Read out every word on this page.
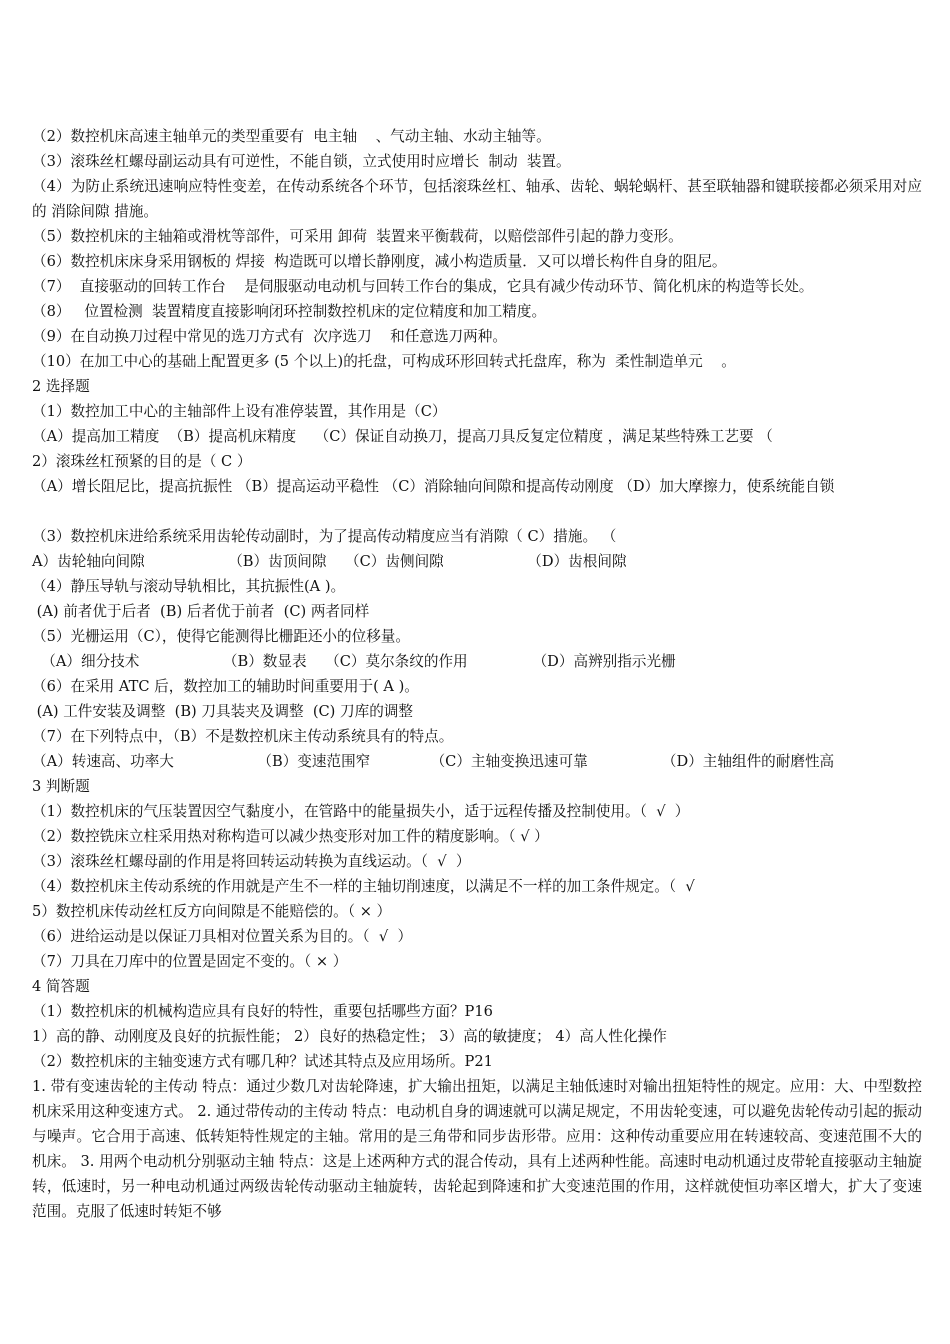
（2）数控机床高速主轴单元的类型重要有  电主轴    、气动主轴、水动主轴等。
（3）滚珠丝杠螺母副运动具有可逆性，不能自锁，立式使用时应增长  制动  装置。
（4）为防止系统迅速响应特性变差，在传动系统各个环节，包括滚珠丝杠、轴承、齿轮、蜗轮蜗杆、甚至联轴器和键联接都必须采用对应的 消除间隙 措施。
（5）数控机床的主轴箱或滑枕等部件，可采用 卸荷  装置来平衡载荷，以赔偿部件引起的静力变形。
（6）数控机床床身采用钢板的 焊接  构造既可以增长静刚度，减小构造质量．又可以增长构件自身的阻尼。
（7）  直接驱动的回转工作台    是伺服驱动电动机与回转工作台的集成，它具有减少传动环节、简化机床的构造等长处。
（8）   位置检测  装置精度直接影响闭环控制数控机床的定位精度和加工精度。
（9）在自动换刀过程中常见的选刀方式有  次序选刀    和任意选刀两种。
（10）在加工中心的基础上配置更多 (5 个以上)的托盘，可构成环形回转式托盘库，称为  柔性制造单元    。
2 选择题
（1）数控加工中心的主轴部件上设有准停装置，其作用是（C）
（A）提高加工精度  （B）提高机床精度    （C）保证自动换刀，提高刀具反复定位精度 ，满足某些特殊工艺要 （
2）滚珠丝杠预紧的目的是（ C ）
（A）增长阻尼比，提高抗振性 （B）提高运动平稳性 （C）消除轴向间隙和提高传动刚度 （D）加大摩擦力，使系统能自锁
（3）数控机床进给系统采用齿轮传动副时，为了提高传动精度应当有消隙（ C）措施。 （
A）齿轮轴向间隙                  （B）齿顶间隙    （C）齿侧间隙                  （D）齿根间隙
（4）静压导轨与滚动导轨相比，其抗振性(A )。
(A) 前者优于后者  (B) 后者优于前者  (C) 两者同样
（5）光栅运用（C），使得它能测得比栅距还小的位移量。
（A）细分技术                  （B）数显表    （C）莫尔条纹的作用              （D）高辨别指示光栅
（6）在采用 ATC 后，数控加工的辅助时间重要用于( A )。
(A) 工件安装及调整  (B) 刀具装夹及调整  (C) 刀库的调整
（7）在下列特点中，（B）不是数控机床主传动系统具有的特点。
（A）转速高、功率大                  （B）变速范围窄             （C）主轴变换迅速可靠                （D）主轴组件的耐磨性高
3 判断题
（1）数控机床的气压装置因空气黏度小，在管路中的能量损失小，适于远程传播及控制使用。（  √  ）
（2）数控铣床立柱采用热对称构造可以减少热变形对加工件的精度影响。（ √ ）
（3）滚珠丝杠螺母副的作用是将回转运动转换为直线运动。（  √  ）
（4）数控机床主传动系统的作用就是产生不一样的主轴切削速度，以满足不一样的加工条件规定。（  √
5）数控机床传动丝杠反方向间隙是不能赔偿的。（ × ）
（6）进给运动是以保证刀具相对位置关系为目的。（  √  ）
（7）刀具在刀库中的位置是固定不变的。（ × ）
4 简答题
（1）数控机床的机械构造应具有良好的特性，重要包括哪些方面？P16
1）高的静、动刚度及良好的抗振性能； 2）良好的热稳定性； 3）高的敏捷度； 4）高人性化操作
（2）数控机床的主轴变速方式有哪几种？试述其特点及应用场所。P21
1. 带有变速齿轮的主传动 特点：通过少数几对齿轮降速，扩大输出扭矩，以满足主轴低速时对输出扭矩特性的规定。应用：大、中型数控机床采用这种变速方式。 2. 通过带传动的主传动 特点：电动机自身的调速就可以满足规定，不用齿轮变速，可以避免齿轮传动引起的振动与噪声。它合用于高速、低转矩特性规定的主轴。常用的是三角带和同步齿形带。应用：这种传动重要应用在转速较高、变速范围不大的机床。 3. 用两个电动机分别驱动主轴 特点：这是上述两种方式的混合传动，具有上述两种性能。高速时电动机通过皮带轮直接驱动主轴旋转，低速时，另一种电动机通过两级齿轮传动驱动主轴旋转，齿轮起到降速和扩大变速范围的作用，这样就使恒功率区增大，扩大了变速范围。克服了低速时转矩不够
